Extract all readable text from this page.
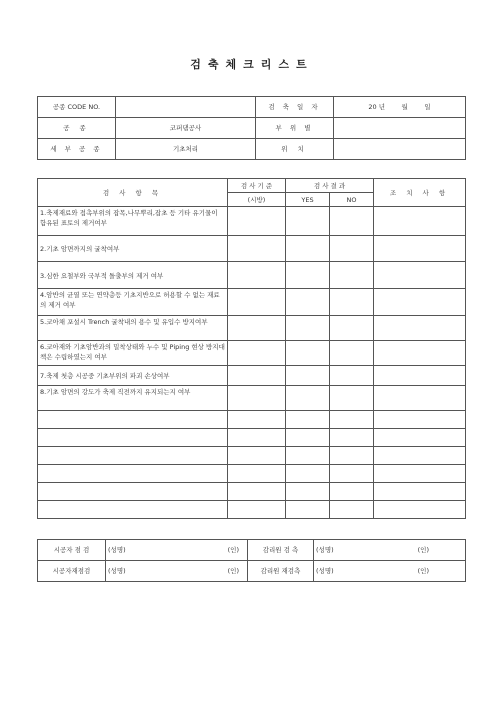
검축체크리스트
공종 CODE NO.		검 축 일 자	20 년 월 일
공 종	코퍼댐공사	부 위 별	
세 부 공 종	기초처리	위 치	
검 사 항 목	검 사 기 준	검 사 결 과		조 치 사 항
	(시방)	YES	NO	
1.축제재료와 접촉부위의 잡목,나무뿌리,잡초 등 기타 유기물이 함유된 표토의 제거여부				
2.기초 암면까지의 굴착여부				
3.심한 요철부와 국부적 돌출부의 제거 여부				
4.암반의 균열 또는 연약층등 기초지반으로 허용할 수 없는 재료의 제거 여부				
5.코아채 포설시 Trench 굴착내의 용수 및 유입수 방지여부				
6.코아재와 기초암반과의 밀착상태와 누수 및 Piping 현상 방지대책은 수립하였는지 여부				
7.축제 첫층 시공중 기초부위의 파괴 손상여부				
8.기초 암면의 강도가 축제 직전까지 유지되는지 여부				

시공자 점 검	(성명) (인)	감리원 검 측	(성명) (인)

시공자재점검	(성명) (인)	감리원 재검측	(성명) (인)
